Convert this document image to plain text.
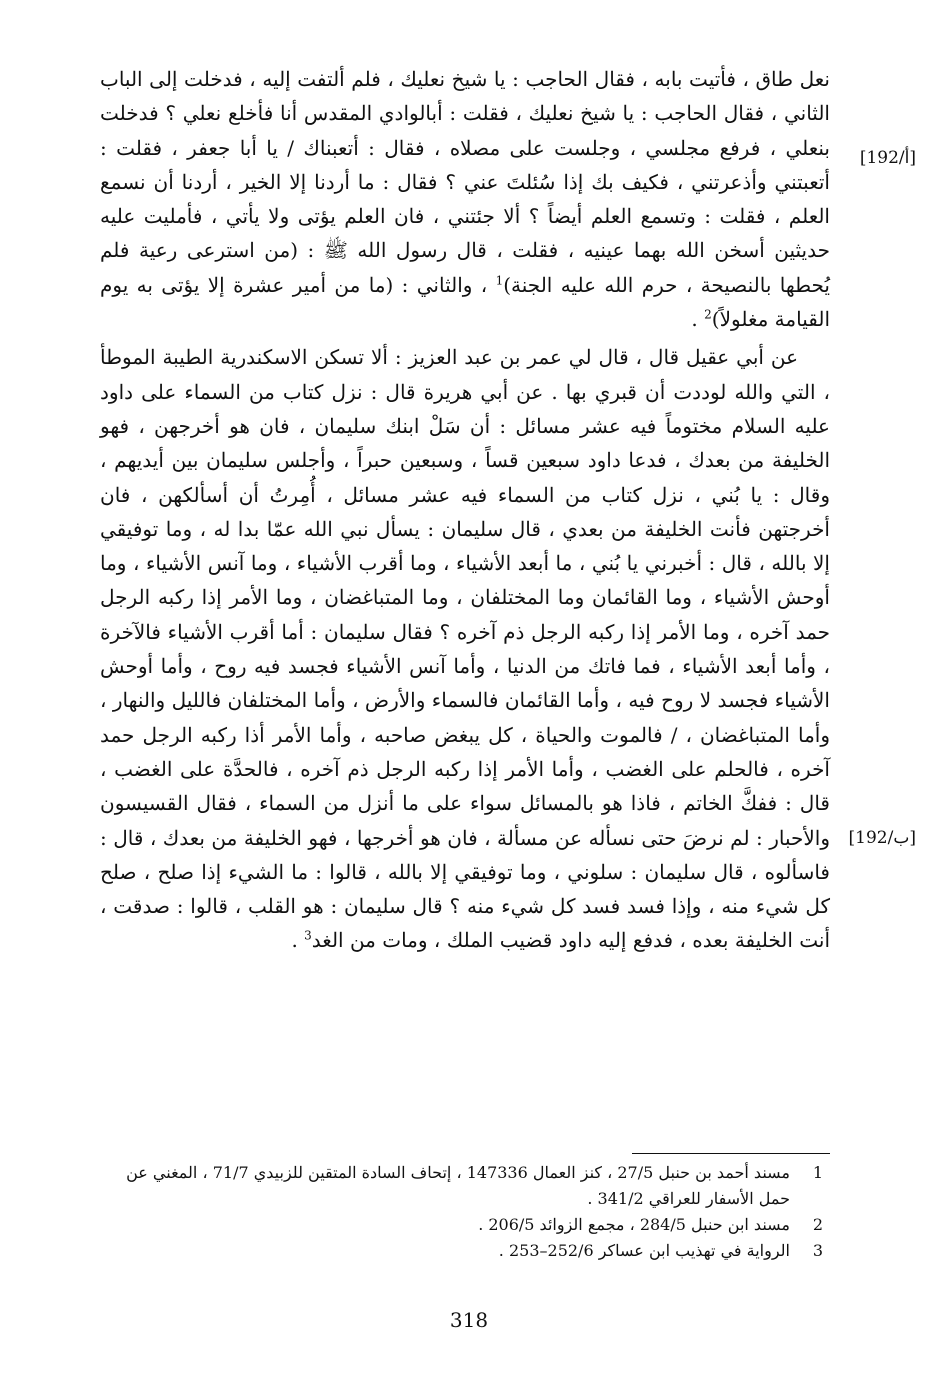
نعل طاق ، فأتيت بابه ، فقال الحاجب : يا شيخ نعليك ، فلم ألتفت إليه ، فدخلت إلى الباب الثاني ، فقال الحاجب : يا شيخ نعليك ، فقلت : أبالوادي المقدس أنا فأخلع نعلي ؟ فدخلت بنعلي ، فرفع مجلسي ، وجلست على مصلاه ، فقال : أتعبناك / يا أبا جعفر ، فقلت : أتعبتني وأذعرتني ، فكيف بك إذا سُئلتَ عني ؟ فقال : ما أردنا إلا الخير ، أردنا أن نسمع العلم ، فقلت : وتسمع العلم أيضاً ؟ ألا جئتني ، فان العلم يؤتى ولا يأتي ، فأمليت عليه حديثين أسخن الله بهما عينيه ، فقلت ، قال رسول الله ﷺ : (من استرعى رعية فلم يُحطها بالنصيحة ، حرم الله عليه الجنة)$^1$ ، والثاني : (ما من أمير عشرة إلا يؤتى به يوم القيامة مغلولاً)$^2$ .

عن أبي عقيل قال ، قال لي عمر بن عبد العزيز : ألا تسكن الاسكندرية الطيبة الموطأ ، التي والله لوددت أن قبري بها . عن أبي هريرة قال : نزل كتاب من السماء على داود عليه السلام مختوماً فيه عشر مسائل : أن سَلْ ابنك سليمان ، فان هو أخرجهن ، فهو الخليفة من بعدك ، فدعا داود سبعين قساً ، وسبعين حبراً ، وأجلس سليمان بين أيديهم ، وقال : يا بُني ، نزل كتاب من السماء فيه عشر مسائل ، أُمِرتُ أن أسألكهن ، فان أخرجتهن فأنت الخليفة من بعدي ، قال سليمان : يسأل نبي الله عمّا بدا له ، وما توفيقي إلا بالله ، قال : أخبرني يا بُني ، ما أبعد الأشياء ، وما أقرب الأشياء ، وما آنس الأشياء ، وما أوحش الأشياء ، وما القائمان وما المختلفان ، وما المتباغضان ، وما الأمر إذا ركبه الرجل حمد آخره ، وما الأمر إذا ركبه الرجل ذم آخره ؟ فقال سليمان : أما أقرب الأشياء فالآخرة ، وأما أبعد الأشياء ، فما فاتك من الدنيا ، وأما آنس الأشياء فجسد فيه روح ، وأما أوحش الأشياء فجسد لا روح فيه ، وأما القائمان فالسماء والأرض ، وأما المختلفان فالليل والنهار ، وأما المتباغضان ، / فالموت والحياة ، كل يبغض صاحبه ، وأما الأمر أذا ركبه الرجل حمد آخره ، فالحلم على الغضب ، وأما الأمر إذا ركبه الرجل ذم آخره ، فالحدَّة على الغضب ، قال : ففكَّ الخاتم ، فاذا هو بالمسائل سواء على ما أنزل من السماء ، فقال القسيسون والأحبار : لم نرضَ حتى نسأله عن مسألة ، فان هو أخرجها ، فهو الخليفة من بعدك ، قال : فاسألوه ، قال سليمان : سلوني ، وما توفيقي إلا بالله ، قالوا : ما الشيء إذا صلح ، صلح كل شيء منه ، وإذا فسد فسد كل شيء منه ؟ قال سليمان : هو القلب ، قالوا : صدقت ، أنت الخليفة بعده ، فدفع إليه داود قضيب الملك ، ومات من الغد$^3$ .

[192/أ]
[192/ب]
1
مسند أحمد بن حنبل 27/5 ، كنز العمال 147336 ، إتحاف السادة المتقين للزبيدي 71/7 ، المغني عن حمل الأسفار للعراقي 341/2 .
2
مسند ابن حنبل 284/5 ، مجمع الزوائد 206/5 .
3
الرواية في تهذيب ابن عساكر 252/6–253 .
318
